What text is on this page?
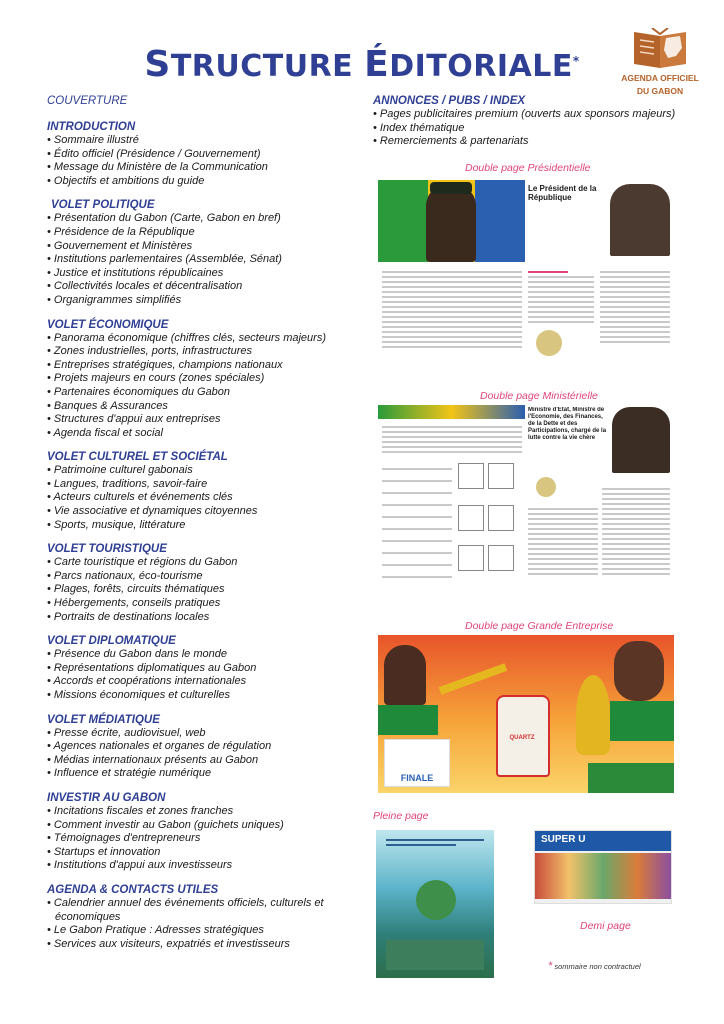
STRUCTURE ÉDITORIALE*
AGENDA OFFICIEL
DU GABON
COUVERTURE
INTRODUCTION
• Sommaire illustré
• Édito officiel (Présidence / Gouvernement)
• Message du Ministère de la Communication
• Objectifs et ambitions du guide
VOLET POLITIQUE
• Présentation du Gabon (Carte, Gabon en bref)
• Présidence de la République
• Gouvernement et Ministères
• Institutions parlementaires (Assemblée, Sénat)
• Justice et institutions républicaines
• Collectivités locales et décentralisation
• Organigrammes simplifiés
VOLET ÉCONOMIQUE
• Panorama économique (chiffres clés, secteurs majeurs)
• Zones industrielles, ports, infrastructures
• Entreprises stratégiques, champions nationaux
• Projets majeurs en cours (zones spéciales)
• Partenaires économiques du Gabon
• Banques & Assurances
• Structures d'appui aux entreprises
• Agenda fiscal et social
VOLET CULTUREL ET SOCIÉTAL
• Patrimoine culturel gabonais
• Langues, traditions, savoir-faire
• Acteurs culturels et événements clés
• Vie associative et dynamiques citoyennes
• Sports, musique, littérature
VOLET TOURISTIQUE
• Carte touristique et régions du Gabon
• Parcs nationaux, éco-tourisme
• Plages, forêts, circuits thématiques
• Hébergements, conseils pratiques
• Portraits de destinations locales
VOLET DIPLOMATIQUE
• Présence du Gabon dans le monde
• Représentations diplomatiques au Gabon
• Accords et coopérations internationales
• Missions économiques et culturelles
VOLET MÉDIATIQUE
• Presse écrite, audiovisuel, web
• Agences nationales et organes de régulation
• Médias internationaux présents au Gabon
• Influence et stratégie numérique
INVESTIR AU GABON
• Incitations fiscales et zones franches
• Comment investir au Gabon (guichets uniques)
• Témoignages d'entrepreneurs
• Startups et innovation
• Institutions d'appui aux investisseurs
AGENDA & CONTACTS UTILES
• Calendrier annuel des événements officiels, culturels et économiques
• Le Gabon Pratique : Adresses stratégiques
• Services aux visiteurs, expatriés et investisseurs
ANNONCES / PUBS / INDEX
• Pages publicitaires premium (ouverts aux sponsors majeurs)
• Index thématique
• Remerciements & partenariats
Double page Présidentielle
Le Président de la République
Double page Ministérielle
Ministre d'Etat, Ministre de l'Economie, des Finances, de la Dette et des Participations, chargé de la lutte contre la vie chère
Double page Grande Entreprise
QUARTZ
FINALE
Pleine page
SUPER U
Demi page
* sommaire non contractuel
